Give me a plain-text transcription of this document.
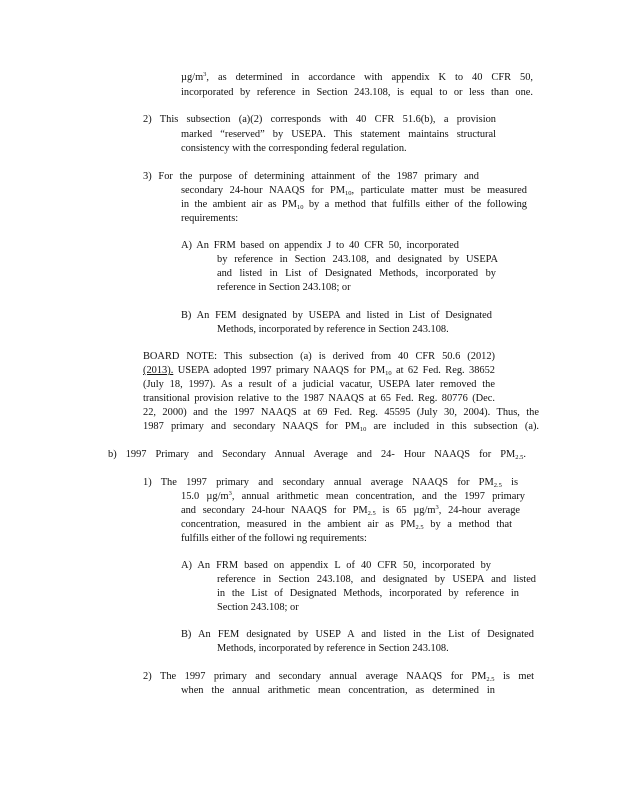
$\mu g/m^3$, as determined in accordance with appendix K to 40 CFR 50,
incorporated by reference in Section 243.108, is equal to or less than one.
2) This subsection (a)(2) corresponds with 40 CFR 51.6(b), a provision
marked “reserved” by USEPA. This statement maintains structural
consistency with the corresponding federal regulation.
3) For the purpose of determining attainment of the 1987 primary and
secondary 24-hour NAAQS for $PM_{10}$, particulate matter must be measured
in the ambient air as $PM_{10}$ by a method that fulfills either of the following
requirements:
A) An FRM based on appendix J to 40 CFR 50, incorporated
by reference in Section 243.108, and designated by USEPA
and listed in List of Designated Methods, incorporated by
reference in Section 243.108; or
B) An FEM designated by USEPA and listed in List of Designated
Methods, incorporated by reference in Section 243.108.
BOARD NOTE: This subsection (a) is derived from 40 CFR 50.6 (2012)
(2013). USEPA adopted 1997 primary NAAQS for $PM_{10}$ at 62 Fed. Reg. 38652
(July 18, 1997). As a result of a judicial vacatur, USEPA later removed the
transitional provision relative to the 1987 NAAQS at 65 Fed. Reg. 80776 (Dec.
22, 2000) and the 1997 NAAQS at 69 Fed. Reg. 45595 (July 30, 2004). Thus, the
1987 primary and secondary NAAQS for $PM_{10}$ are included in this subsection (a).
b) 1997 Primary and Secondary Annual Average and 24- Hour NAAQS for $PM_{2.5}$.
1) The 1997 primary and secondary annual average NAAQS for $PM_{2.5}$ is
15.0 $\mu g/m^3$, annual arithmetic mean concentration, and the 1997 primary
and secondary 24-hour NAAQS for $PM_{2.5}$ is 65 $\mu g/m^3$, 24-hour average
concentration, measured in the ambient air as $PM_{2.5}$ by a method that
fulfills either of the followi ng requirements:
A) An FRM based on appendix L of 40 CFR 50, incorporated by
reference in Section 243.108, and designated by USEPA and listed
in the List of Designated Methods, incorporated by reference in
Section 243.108; or
B) An FEM designated by USEP A and listed in the List of Designated
Methods, incorporated by reference in Section 243.108.
2) The 1997 primary and secondary annual average NAAQS for $PM_{2.5}$ is met
when the annual arithmetic mean concentration, as determined in
